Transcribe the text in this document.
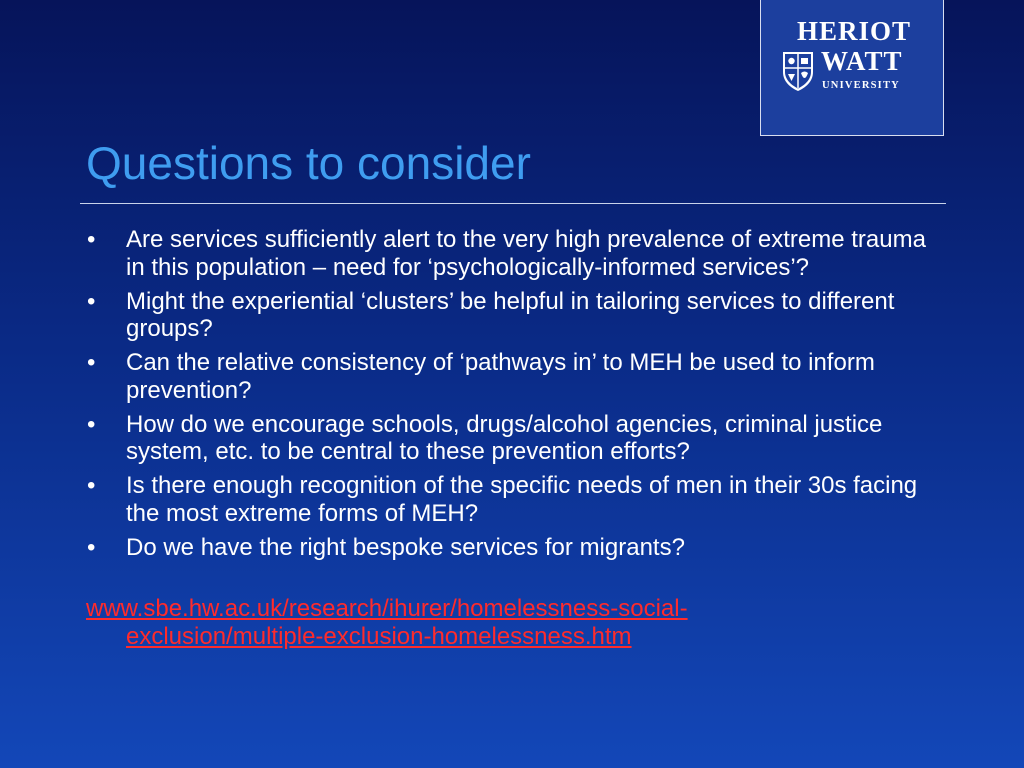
HERIOT
WATT
UNIVERSITY
Questions to consider
• Are services sufficiently alert to the very high prevalence of extreme trauma in this population – need for ‘psychologically-informed services’?
• Might the experiential ‘clusters’ be helpful in tailoring services to different groups?
• Can the relative consistency of ‘pathways in’ to MEH be used to inform prevention?
• How do we encourage schools, drugs/alcohol agencies, criminal justice system, etc. to be central to these prevention efforts?
• Is there enough recognition of the specific needs of men in their 30s facing the most extreme forms of MEH?
• Do we have the right bespoke services for migrants?
www.sbe.hw.ac.uk/research/ihurer/homelessness-social-exclusion/multiple-exclusion-homelessness.htm
